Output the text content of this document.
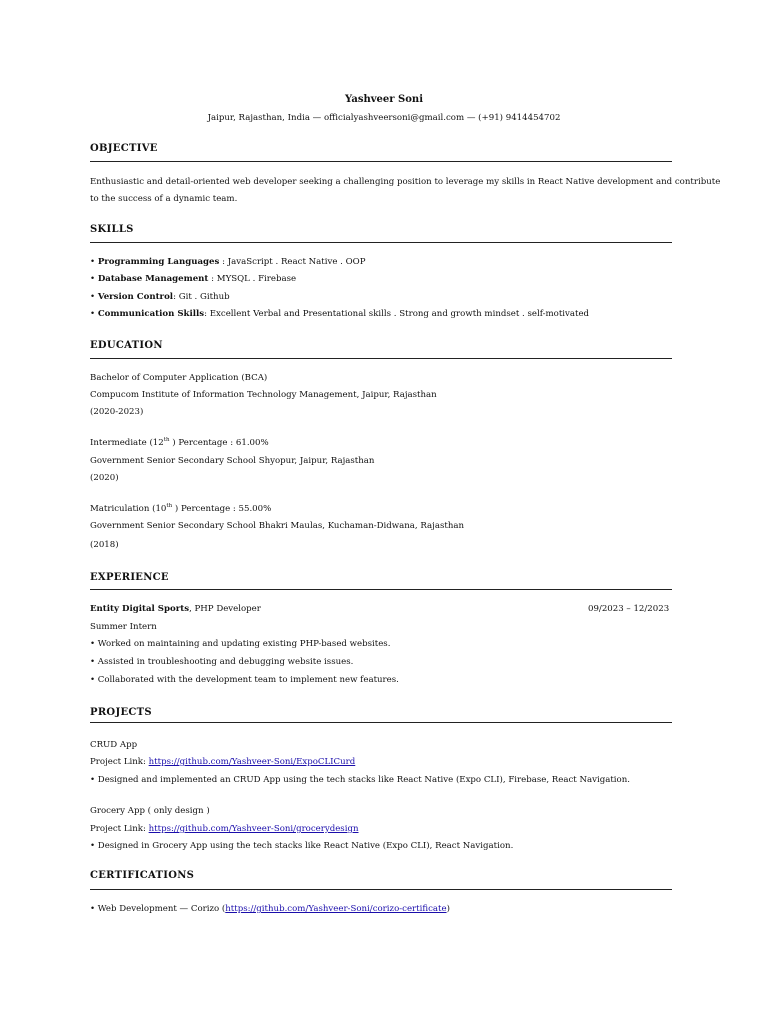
Yashveer Soni
Jaipur, Rajasthan, India — officialyashveersoni@gmail.com — (+91) 9414454702
OBJECTIVE
Enthusiastic and detail-oriented web developer seeking a challenging position to leverage my skills in React Native development and contribute
to the success of a dynamic team.
SKILLS
• Programming Languages : JavaScript . React Native . OOP
• Database Management : MYSQL . Firebase
• Version Control: Git . Github
• Communication Skills: Excellent Verbal and Presentational skills . Strong and growth mindset . self-motivated
EDUCATION
Bachelor of Computer Application (BCA)
Compucom Institute of Information Technology Management, Jaipur, Rajasthan
(2020-2023)
Intermediate (12th ) Percentage : 61.00%
Government Senior Secondary School Shyopur, Jaipur, Rajasthan
(2020)
Matriculation (10th ) Percentage : 55.00%
Government Senior Secondary School Bhakri Maulas, Kuchaman-Didwana, Rajasthan
(2018)
EXPERIENCE
Entity Digital Sports, PHP Developer	09/2023 – 12/2023
Summer Intern
• Worked on maintaining and updating existing PHP-based websites.
• Assisted in troubleshooting and debugging website issues.
• Collaborated with the development team to implement new features.
PROJECTS
CRUD App
Project Link: https://github.com/Yashveer-Soni/ExpoCLICurd
• Designed and implemented an CRUD App using the tech stacks like React Native (Expo CLI), Firebase, React Navigation.
Grocery App ( only design )
Project Link: https://github.com/Yashveer-Soni/grocerydesign
• Designed in Grocery App using the tech stacks like React Native (Expo CLI), React Navigation.
CERTIFICATIONS
• Web Development — Corizo (https://github.com/Yashveer-Soni/corizo-certificate)
